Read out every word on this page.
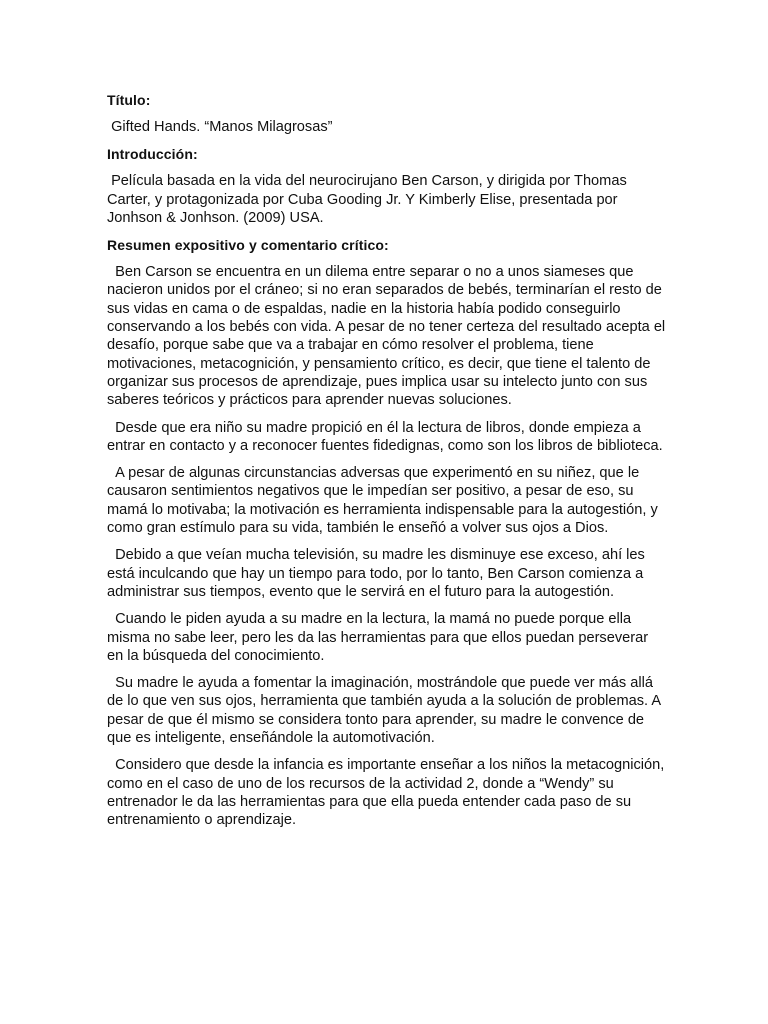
Título:
Gifted Hands. “Manos Milagrosas”
Introducción:
Película basada en la vida del neurocirujano Ben Carson, y dirigida por Thomas Carter, y protagonizada por Cuba Gooding Jr. Y Kimberly Elise, presentada por Jonhson & Jonhson. (2009) USA.
Resumen expositivo y comentario crítico:
Ben Carson se encuentra en un dilema entre separar o no a unos siameses que nacieron unidos por el cráneo; si no eran separados de bebés, terminarían el resto de sus vidas en cama o de espaldas, nadie en la historia había podido conseguirlo conservando a los bebés con vida. A pesar de no tener certeza del resultado acepta el desafío, porque sabe que va a trabajar en cómo resolver el problema, tiene motivaciones, metacognición, y pensamiento crítico, es decir, que tiene el talento de organizar sus procesos de aprendizaje, pues implica usar su intelecto junto con sus saberes teóricos y prácticos para aprender nuevas soluciones.
Desde que era niño su madre propició en él la lectura de libros, donde empieza a entrar en contacto y a reconocer fuentes fidedignas, como son los libros de biblioteca.
A pesar de algunas circunstancias adversas que experimentó en su niñez, que le causaron sentimientos negativos que le impedían ser positivo, a pesar de eso, su mamá lo motivaba; la motivación es herramienta indispensable para la autogestión, y como gran estímulo para su vida, también le enseñó a volver sus ojos a Dios.
Debido a que veían mucha televisión, su madre les disminuye ese exceso, ahí les está inculcando que hay un tiempo para todo, por lo tanto, Ben Carson comienza a administrar sus tiempos, evento que le servirá en el futuro para la autogestión.
Cuando le piden ayuda a su madre en la lectura, la mamá no puede porque ella misma no sabe leer, pero les da las herramientas para que ellos puedan perseverar en la búsqueda del conocimiento.
Su madre le ayuda a fomentar la imaginación, mostrándole que puede ver más allá de lo que ven sus ojos, herramienta que también ayuda a la solución de problemas. A pesar de que él mismo se considera tonto para aprender, su madre le convence de que es inteligente, enseñándole la automotivación.
Considero que desde la infancia es importante enseñar a los niños la metacognición, como en el caso de uno de los recursos de la actividad 2, donde a “Wendy” su entrenador le da las herramientas para que ella pueda entender cada paso de su entrenamiento o aprendizaje.
